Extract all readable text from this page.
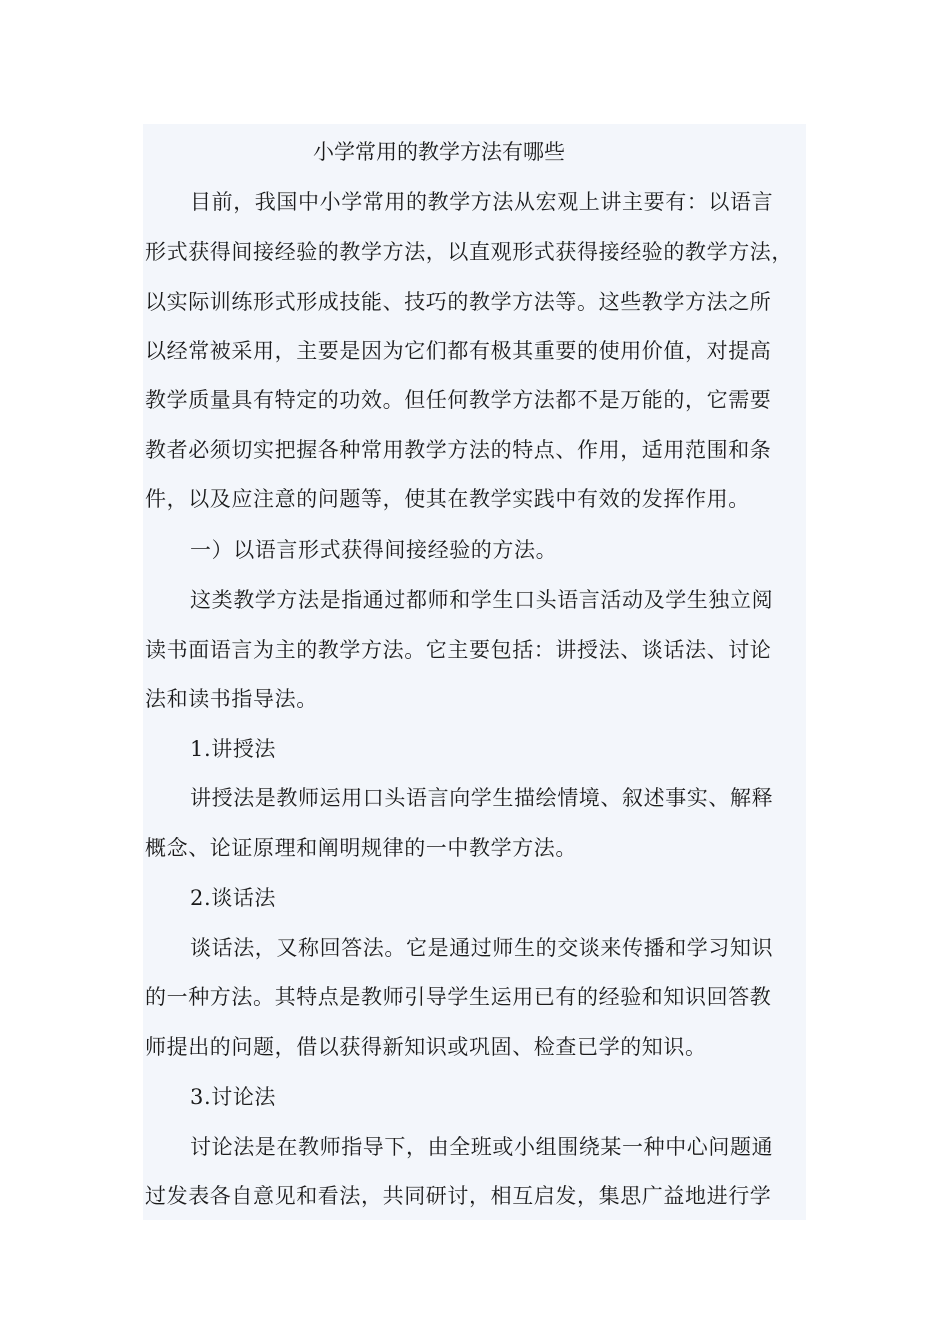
小学常用的教学方法有哪些
目前，我国中小学常用的教学方法从宏观上讲主要有：以语言
形式获得间接经验的教学方法，以直观形式获得接经验的教学方法，
以实际训练形式形成技能、技巧的教学方法等。这些教学方法之所
以经常被采用，主要是因为它们都有极其重要的使用价值，对提高
教学质量具有特定的功效。但任何教学方法都不是万能的，它需要
教者必须切实把握各种常用教学方法的特点、作用，适用范围和条
件，以及应注意的问题等，使其在教学实践中有效的发挥作用。
一）以语言形式获得间接经验的方法。
这类教学方法是指通过都师和学生口头语言活动及学生独立阅
读书面语言为主的教学方法。它主要包括：讲授法、谈话法、讨论
法和读书指导法。
1.讲授法
讲授法是教师运用口头语言向学生描绘情境、叙述事实、解释
概念、论证原理和阐明规律的一中教学方法。
2.谈话法
谈话法，又称回答法。它是通过师生的交谈来传播和学习知识
的一种方法。其特点是教师引导学生运用已有的经验和知识回答教
师提出的问题，借以获得新知识或巩固、检查已学的知识。
3.讨论法
讨论法是在教师指导下，由全班或小组围绕某一种中心问题通
过发表各自意见和看法，共同研讨，相互启发，集思广益地进行学
